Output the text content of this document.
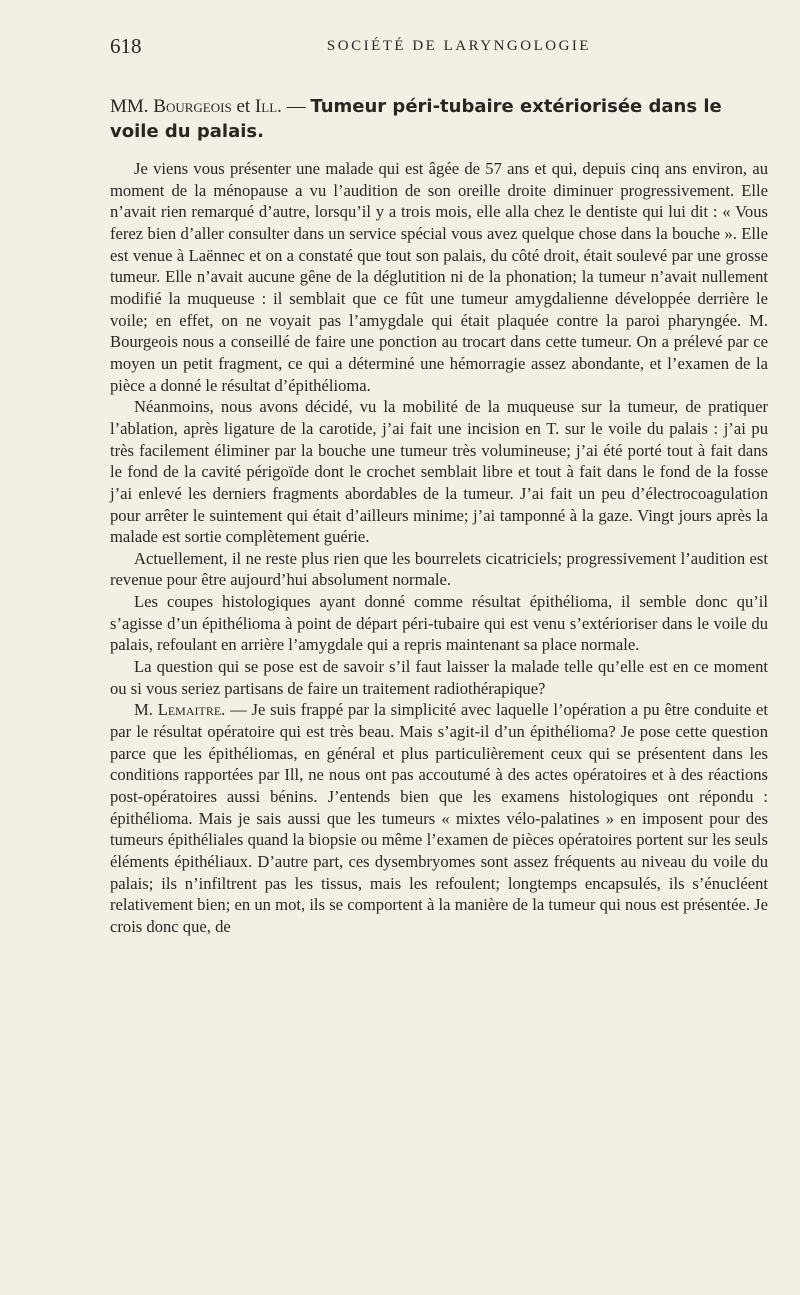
618	SOCIÉTÉ DE LARYNGOLOGIE
MM. Bourgeois et Ill. — Tumeur péri-tubaire extériorisée dans le voile du palais.

Je viens vous présenter une malade qui est âgée de 57 ans et qui, depuis cinq ans environ, au moment de la ménopause a vu l’audition de son oreille droite diminuer progressivement. Elle n’avait rien remarqué d’autre, lorsqu’il y a trois mois, elle alla chez le dentiste qui lui dit : « Vous ferez bien d’aller consulter dans un service spécial vous avez quelque chose dans la bouche ». Elle est venue à Laënnec et on a constaté que tout son palais, du côté droit, était soulevé par une grosse tumeur. Elle n’avait aucune gêne de la déglutition ni de la phonation; la tumeur n’avait nullement modifié la muqueuse : il semblait que ce fût une tumeur amygdalienne développée derrière le voile; en effet, on ne voyait pas l’amygdale qui était plaquée contre la paroi pharyngée. M. Bourgeois nous a conseillé de faire une ponction au trocart dans cette tumeur. On a prélevé par ce moyen un petit fragment, ce qui a déterminé une hémorragie assez abondante, et l’examen de la pièce a donné le résultat d’épithélioma.

Néanmoins, nous avons décidé, vu la mobilité de la muqueuse sur la tumeur, de pratiquer l’ablation, après ligature de la carotide, j’ai fait une incision en T. sur le voile du palais : j’ai pu très facilement éliminer par la bouche une tumeur très volumineuse; j’ai été porté tout à fait dans le fond de la cavité périgoïde dont le crochet semblait libre et tout à fait dans le fond de la fosse j’ai enlevé les derniers fragments abordables de la tumeur. J’ai fait un peu d’électrocoagulation pour arrêter le suintement qui était d’ailleurs minime; j’ai tamponné à la gaze. Vingt jours après la malade est sortie complètement guérie.

Actuellement, il ne reste plus rien que les bourrelets cicatriciels; progressivement l’audition est revenue pour être aujourd’hui absolument normale.

Les coupes histologiques ayant donné comme résultat épithélioma, il semble donc qu’il s’agisse d’un épithélioma à point de départ péri-tubaire qui est venu s’extérioriser dans le voile du palais, refoulant en arrière l’amygdale qui a repris maintenant sa place normale.

La question qui se pose est de savoir s’il faut laisser la malade telle qu’elle est en ce moment ou si vous seriez partisans de faire un traitement radiothérapique?

M. Lemaitre. — Je suis frappé par la simplicité avec laquelle l’opération a pu être conduite et par le résultat opératoire qui est très beau. Mais s’agit-il d’un épithélioma? Je pose cette question parce que les épithéliomas, en général et plus particulièrement ceux qui se présentent dans les conditions rapportées par Ill, ne nous ont pas accoutumé à des actes opératoires et à des réactions post-opératoires aussi bénins. J’entends bien que les examens histologiques ont répondu : épithélioma. Mais je sais aussi que les tumeurs « mixtes vélo-palatines » en imposent pour des tumeurs épithéliales quand la biopsie ou même l’examen de pièces opératoires portent sur les seuls éléments épithéliaux. D’autre part, ces dysembryomes sont assez fréquents au niveau du voile du palais; ils n’infiltrent pas les tissus, mais les refoulent; longtemps encapsulés, ils s’énucléent relativement bien; en un mot, ils se comportent à la manière de la tumeur qui nous est présentée. Je crois donc que, de
